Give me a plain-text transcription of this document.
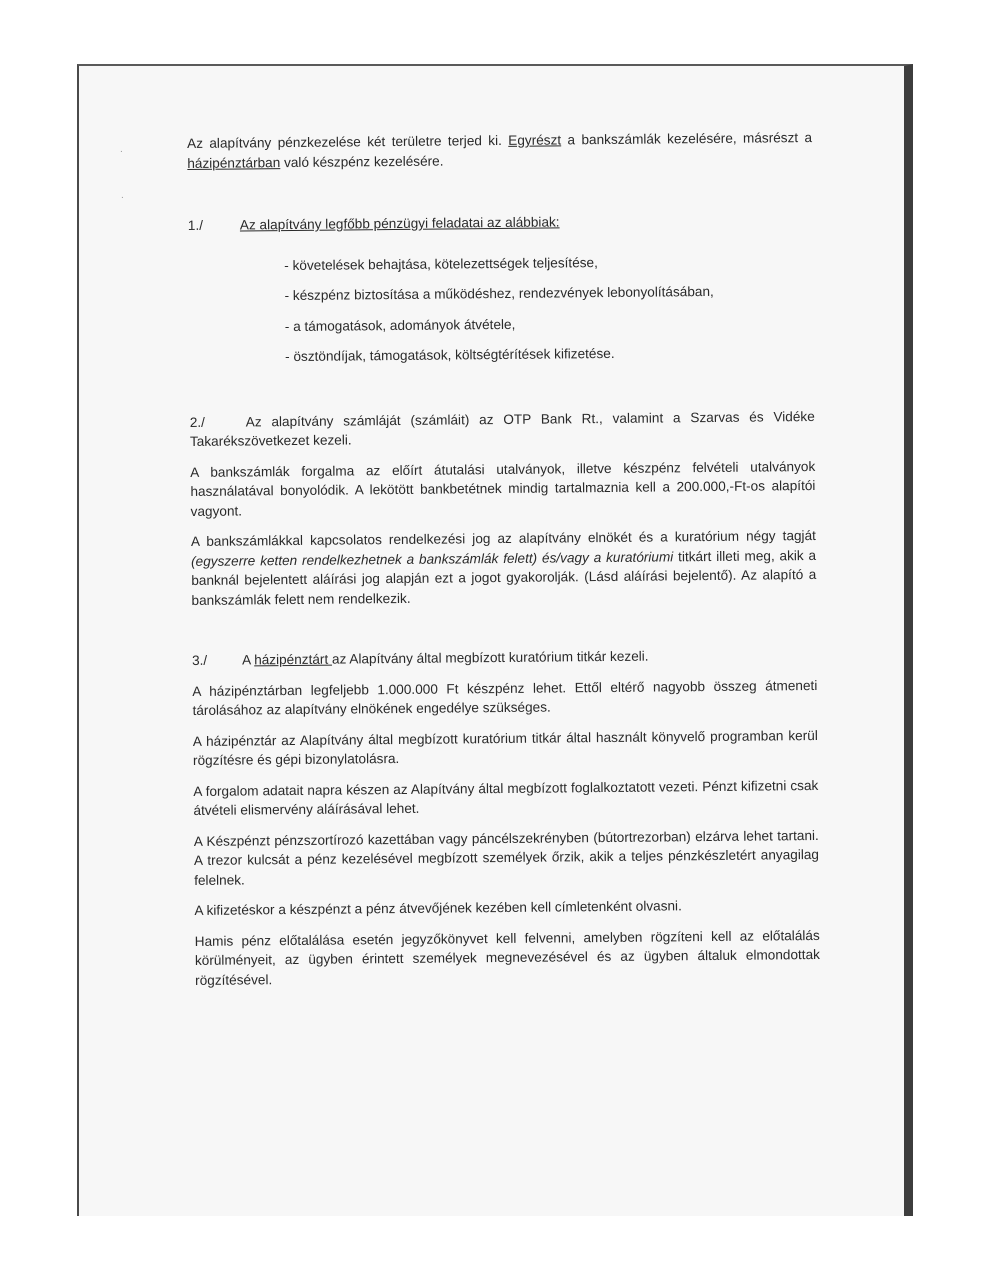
.
.

Az alapítvány pénzkezelése két területre terjed ki. Egyrészt a bankszámlák kezelésére, másrészt a házipénztárban való készpénz kezelésére.

1./	Az alapítvány legfőbb pénzügyi feladatai az alábbiak:
- követelések behajtása, kötelezettségek teljesítése,
- készpénz biztosítása a működéshez, rendezvények lebonyolításában,
- a támogatások, adományok átvétele,
- ösztöndíjak, támogatások, költségtérítések kifizetése.
2./	Az alapítvány számláját (számláit) az OTP Bank Rt., valamint a Szarvas és Vidéke

Takarékszövetkezet kezeli.

A bankszámlák forgalma az előírt átutalási utalványok, illetve készpénz felvételi utalványok használatával bonyolódik. A lekötött bankbetétnek mindig tartalmaznia kell a 200.000,-Ft-os alapítói vagyont.

A bankszámlákkal kapcsolatos rendelkezési jog az alapítvány elnökét és a kuratórium négy tagját (egyszerre ketten rendelkezhetnek a bankszámlák felett) és/vagy a kuratóriumi titkárt illeti meg, akik a banknál bejelentett aláírási jog alapján ezt a jogot gyakorolják. (Lásd aláírási bejelentő). Az alapító a bankszámlák felett nem rendelkezik.

3./	A házipénztárt az Alapítvány által megbízott kuratórium titkár kezeli.

A házipénztárban legfeljebb 1.000.000 Ft készpénz lehet. Ettől eltérő nagyobb összeg átmeneti tárolásához az alapítvány elnökének engedélye szükséges.

A házipénztár az Alapítvány által megbízott kuratórium titkár által használt könyvelő programban kerül rögzítésre és gépi bizonylatolásra.

A forgalom adatait napra készen az Alapítvány által megbízott foglalkoztatott vezeti. Pénzt kifizetni csak átvételi elismervény aláírásával lehet.

A Készpénzt pénzszortírozó kazettában vagy páncélszekrényben (bútortrezorban) elzárva lehet tartani. A trezor kulcsát a pénz kezelésével megbízott személyek őrzik, akik a teljes pénzkészletért anyagilag felelnek.

A kifizetéskor a készpénzt a pénz átvevőjének kezében kell címletenként olvasni.

Hamis pénz előtalálása esetén jegyzőkönyvet kell felvenni, amelyben rögzíteni kell az előtalálás körülményeit, az ügyben érintett személyek megnevezésével és az ügyben általuk elmondottak rögzítésével.
